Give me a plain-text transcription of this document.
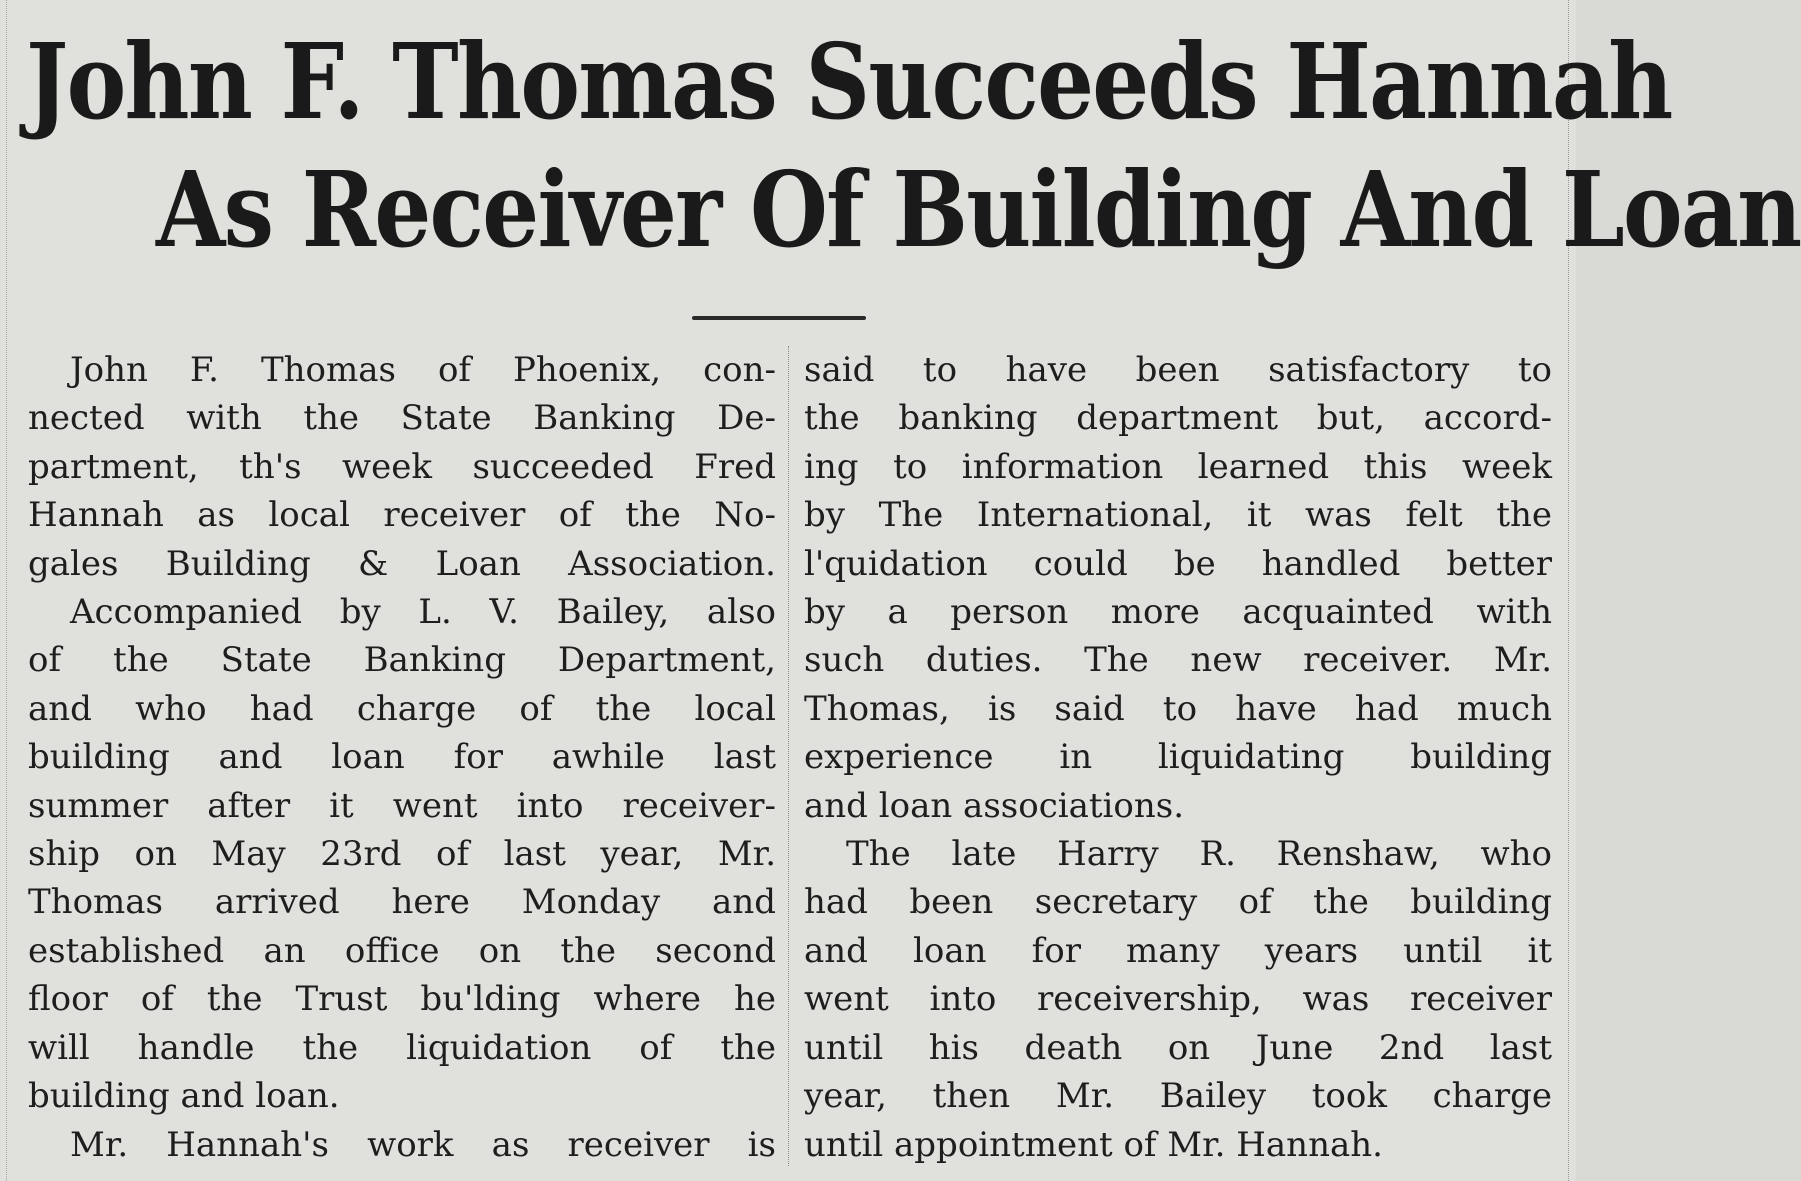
John F. Thomas Succeeds Hannah
As Receiver Of Building And Loan
John F. Thomas of Phoenix, con-
nected with the State Banking De-
partment, th's week succeeded Fred
Hannah as local receiver of the No-
gales Building & Loan Association.
Accompanied by L. V. Bailey, also
of the State Banking Department,
and who had charge of the local
building and loan for awhile last
summer after it went into receiver-
ship on May 23rd of last year, Mr.
Thomas arrived here Monday and
established an office on the second
floor of the Trust bu'lding where he
will handle the liquidation of the
building and loan.
Mr. Hannah's work as receiver is
said to have been satisfactory to
the banking department but, accord-
ing to information learned this week
by The International, it was felt the
l'quidation could be handled better
by a person more acquainted with
such duties. The new receiver. Mr.
Thomas, is said to have had much
experience in liquidating building
and loan associations.
The late Harry R. Renshaw, who
had been secretary of the building
and loan for many years until it
went into receivership, was receiver
until his death on June 2nd last
year, then Mr. Bailey took charge
until appointment of Mr. Hannah.
